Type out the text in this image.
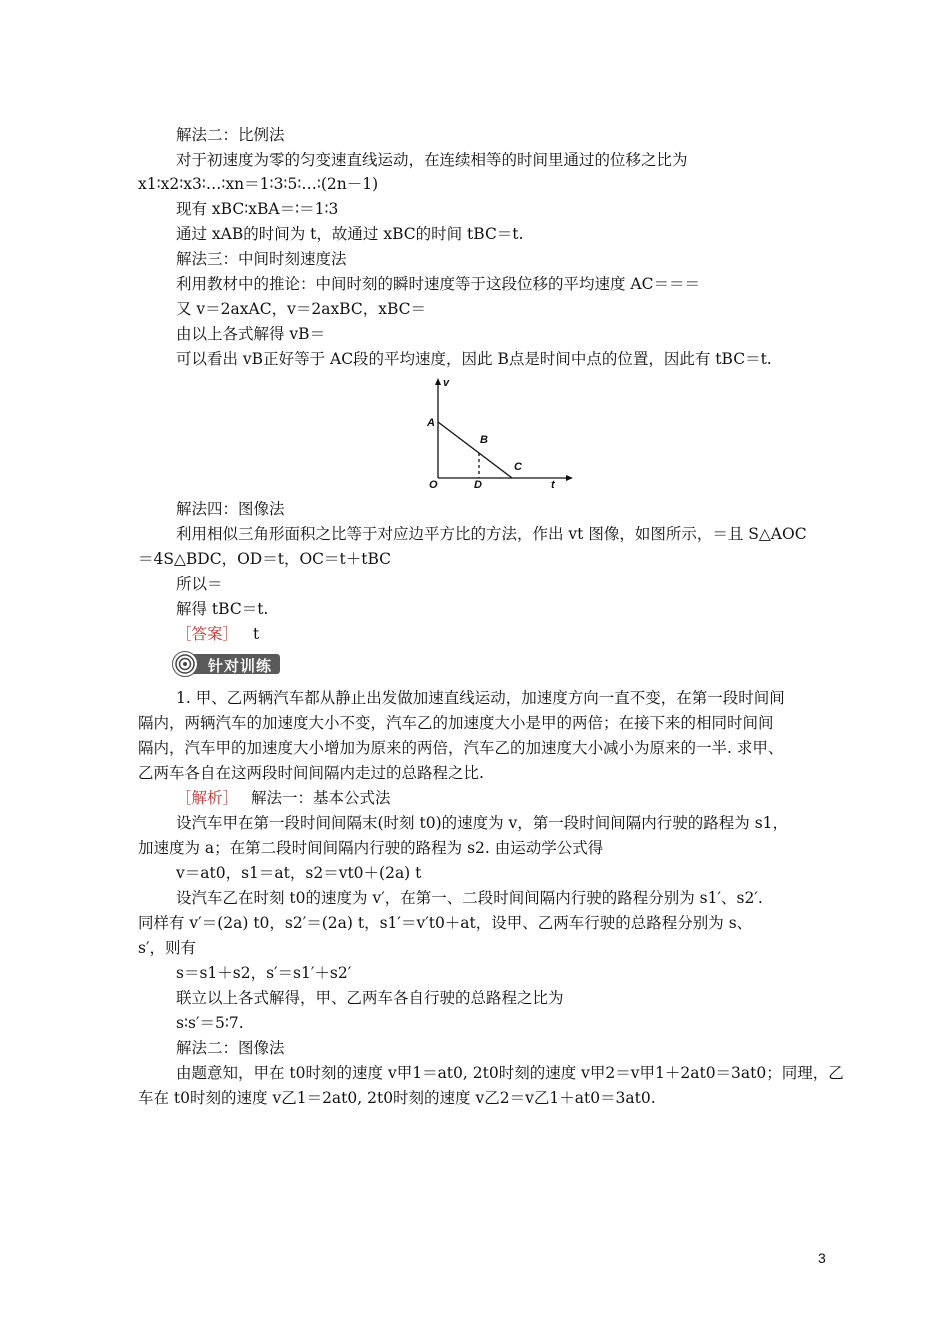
解法二：比例法
对于初速度为零的匀变速直线运动，在连续相等的时间里通过的位移之比为
x1∶x2∶x3∶…∶xn＝1∶3∶5∶…∶(2n－1)
现有 xBC∶xBA＝∶＝1∶3
通过 xAB的时间为 t，故通过 xBC的时间 tBC＝t.
解法三：中间时刻速度法
利用教材中的推论：中间时刻的瞬时速度等于这段位移的平均速度 AC＝＝＝
又 v＝2axAC，v＝2axBC，xBC＝
由以上各式解得 vB＝
可以看出 vB正好等于 AC段的平均速度，因此 B点是时间中点的位置，因此有 tBC＝t.
v
A
B
C
D
O	t
解法四：图像法
利用相似三角形面积之比等于对应边平方比的方法，作出 vt 图像，如图所示，＝且 S△AOC
＝4S△BDC，OD＝t，OC＝t＋tBC
所以＝
解得 tBC＝t.
［答案］ t
针对训练
1. 甲、乙两辆汽车都从静止出发做加速直线运动，加速度方向一直不变，在第一段时间间
隔内，两辆汽车的加速度大小不变，汽车乙的加速度大小是甲的两倍；在接下来的相同时间间
隔内，汽车甲的加速度大小增加为原来的两倍，汽车乙的加速度大小减小为原来的一半. 求甲、
乙两车各自在这两段时间间隔内走过的总路程之比.
［解析］ 解法一：基本公式法
设汽车甲在第一段时间间隔末(时刻 t0)的速度为 v，第一段时间间隔内行驶的路程为 s1，
加速度为 a；在第二段时间间隔内行驶的路程为 s2. 由运动学公式得
v＝at0，s1＝at，s2＝vt0＋(2a) t
设汽车乙在时刻 t0的速度为 v′，在第一、二段时间间隔内行驶的路程分别为 s1′、s2′.
同样有 v′＝(2a) t0，s2′＝(2a) t，s1′＝v′t0＋at，设甲、乙两车行驶的总路程分别为 s、
s′，则有
s＝s1＋s2，s′＝s1′＋s2′
联立以上各式解得，甲、乙两车各自行驶的总路程之比为
s∶s′＝5∶7.
解法二：图像法
由题意知，甲在 t0时刻的速度 v甲1＝at0, 2t0时刻的速度 v甲2＝v甲1＋2at0＝3at0；同理，乙
车在 t0时刻的速度 v乙1＝2at0, 2t0时刻的速度 v乙2＝v乙1＋at0＝3at0.
3
